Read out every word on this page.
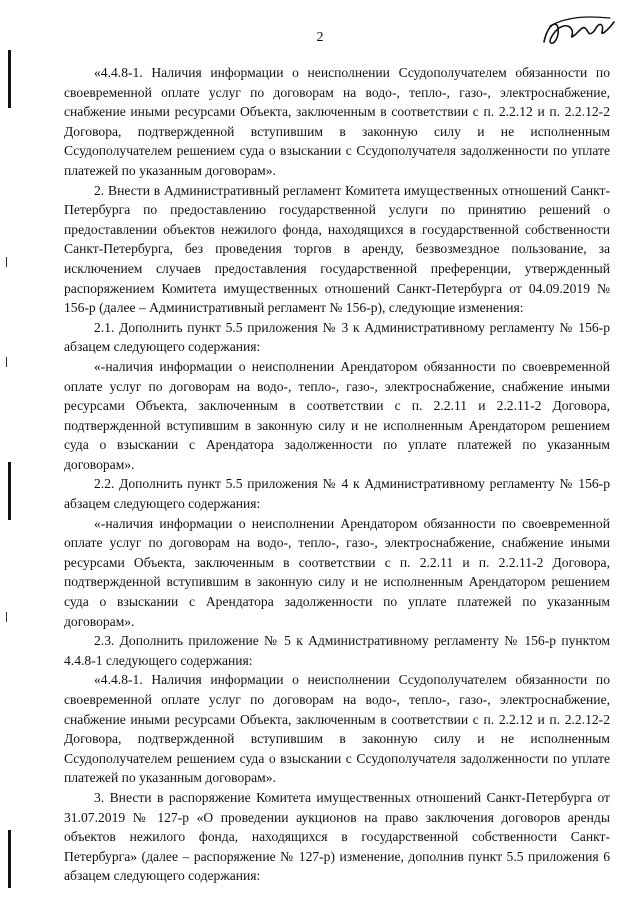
2

«4.4.8-1. Наличия информации о неисполнении Ссудополучателем обязанности по своевременной оплате услуг по договорам на водо-, тепло-, газо-, электроснабжение, снабжение иными ресурсами Объекта, заключенным в соответствии с п. 2.2.12 и п. 2.2.12-2 Договора, подтвержденной вступившим в законную силу и не исполненным Ссудополучателем решением суда о взыскании с Ссудополучателя задолженности по уплате платежей по указанным договорам».

2. Внести в Административный регламент Комитета имущественных отношений Санкт-Петербурга по предоставлению государственной услуги по принятию решений о предоставлении объектов нежилого фонда, находящихся в государственной собственности Санкт-Петербурга, без проведения торгов в аренду, безвозмездное пользование, за исключением случаев предоставления государственной преференции, утвержденный распоряжением Комитета имущественных отношений Санкт-Петербурга от 04.09.2019 № 156-р (далее – Административный регламент № 156-р), следующие изменения:

2.1. Дополнить пункт 5.5 приложения № 3 к Административному регламенту № 156-р абзацем следующего содержания:

«-наличия информации о неисполнении Арендатором обязанности по своевременной оплате услуг по договорам на водо-, тепло-, газо-, электроснабжение, снабжение иными ресурсами Объекта, заключенным в соответствии с п. 2.2.11 и 2.2.11-2 Договора, подтвержденной вступившим в законную силу и не исполненным Арендатором решением суда о взыскании с Арендатора задолженности по уплате платежей по указанным договорам».

2.2. Дополнить пункт 5.5 приложения № 4 к Административному регламенту № 156-р абзацем следующего содержания:

«-наличия информации о неисполнении Арендатором обязанности по своевременной оплате услуг по договорам на водо-, тепло-, газо-, электроснабжение, снабжение иными ресурсами Объекта, заключенным в соответствии с п. 2.2.11 и п. 2.2.11-2 Договора, подтвержденной вступившим в законную силу и не исполненным Арендатором решением суда о взыскании с Арендатора задолженности по уплате платежей по указанным договорам».

2.3. Дополнить приложение № 5 к Административному регламенту № 156-р пунктом 4.4.8-1 следующего содержания:

«4.4.8-1. Наличия информации о неисполнении Ссудополучателем обязанности по своевременной оплате услуг по договорам на водо-, тепло-, газо-, электроснабжение, снабжение иными ресурсами Объекта, заключенным в соответствии с п. 2.2.12 и п. 2.2.12-2 Договора, подтвержденной вступившим в законную силу и не исполненным Ссудополучателем решением суда о взыскании с Ссудополучателя задолженности по уплате платежей по указанным договорам».

3. Внести в распоряжение Комитета имущественных отношений Санкт-Петербурга от 31.07.2019 № 127-р «О проведении аукционов на право заключения договоров аренды объектов нежилого фонда, находящихся в государственной собственности Санкт-Петербурга» (далее – распоряжение № 127-р) изменение, дополнив пункт 5.5 приложения 6 абзацем следующего содержания:
